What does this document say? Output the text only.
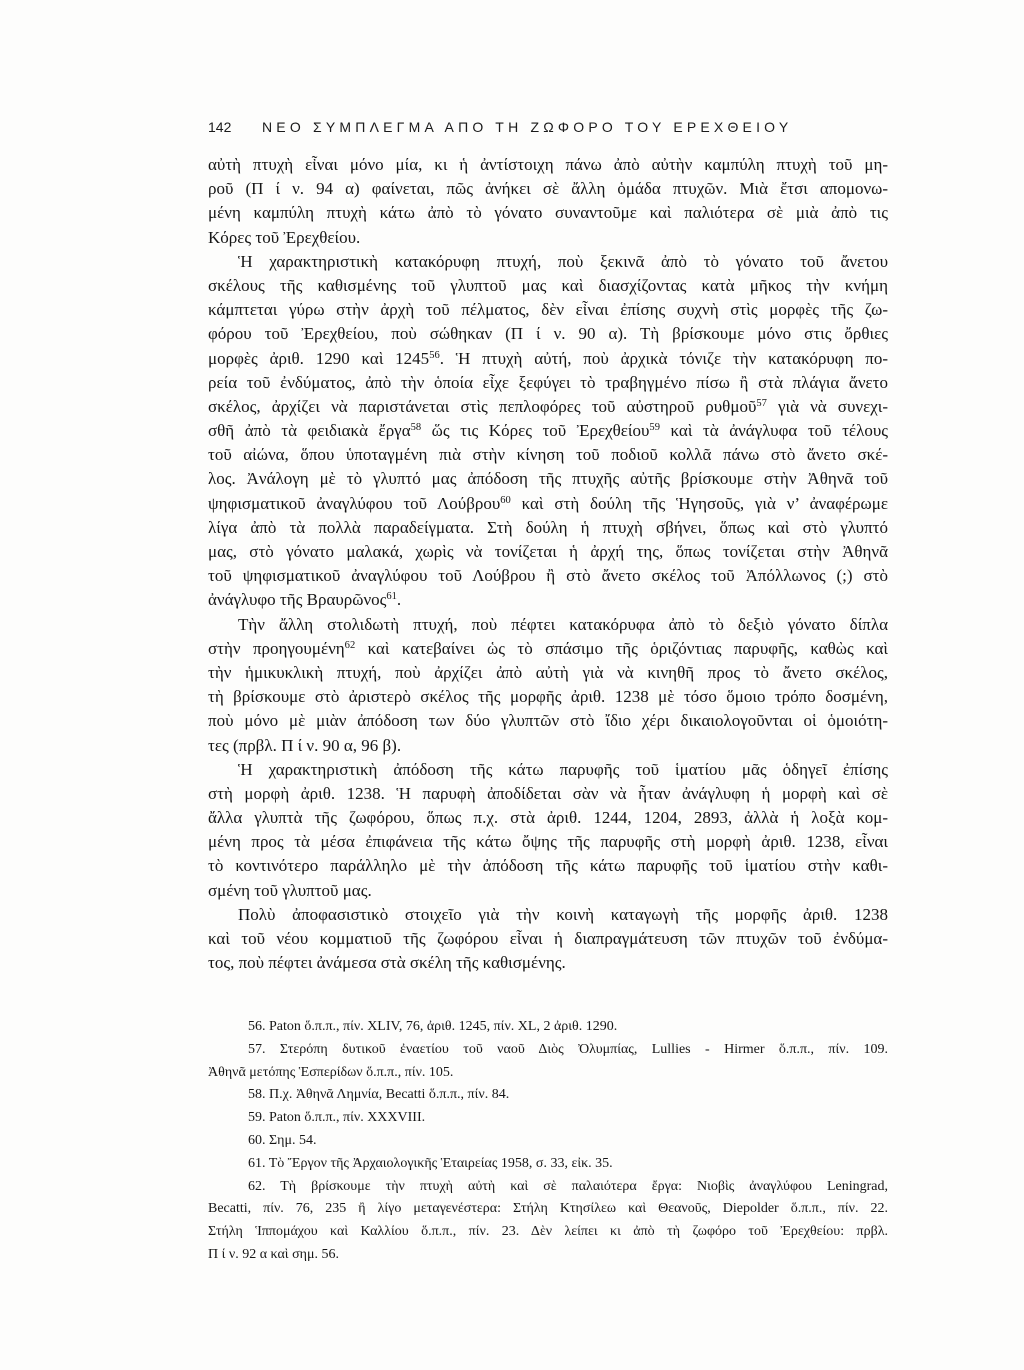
142 ΝΕΟ ΣΥΜΠΛΕΓΜΑ ΑΠΟ ΤΗ ΖΩΦΟΡΟ ΤΟΥ ΕΡΕΧΘΕΙΟΥ
αὐτὴ πτυχὴ εἶναι μόνο μία, κι ἡ ἀντίστοιχη πάνω ἀπὸ αὐτὴν καμπύλη πτυχὴ τοῦ μη-
ροῦ (Π ί ν. 94 α) φαίνεται, πῶς ἀνήκει σὲ ἄλλη ὁμάδα πτυχῶν. Μιὰ ἔτσι απομονω-
μένη καμπύλη πτυχὴ κάτω ἀπὸ τὸ γόνατο συναντοῦμε καὶ παλιότερα σὲ μιὰ ἀπὸ τις
Κόρες τοῦ Ἐρεχθείου.
Ἡ χαρακτηριστικὴ κατακόρυφη πτυχή, ποὺ ξεκινᾶ ἀπὸ τὸ γόνατο τοῦ ἄνετου
σκέλους τῆς καθισμένης τοῦ γλυπτοῦ μας καὶ διασχίζοντας κατὰ μῆκος τὴν κνήμη
κάμπτεται γύρω στὴν ἀρχὴ τοῦ πέλματος, δὲν εἶναι ἐπίσης συχνὴ στὶς μορφὲς τῆς ζω-
φόρου τοῦ Ἐρεχθείου, ποὺ σώθηκαν (Π ί ν. 90 α). Τὴ βρίσκουμε μόνο στις ὄρθιες
μορφὲς ἀριθ. 1290 καὶ 1245$^{56}$. Ἡ πτυχὴ αὐτή, ποὺ ἀρχικὰ τόνιζε τὴν κατακόρυφη πο-
ρεία τοῦ ἐνδύματος, ἀπὸ τὴν ὁποία εἶχε ξεφύγει τὸ τραβηγμένο πίσω ἢ στὰ πλάγια ἄνετο
σκέλος, ἀρχίζει νὰ παριστάνεται στὶς πεπλοφόρες τοῦ αὐστηροῦ ρυθμοῦ$^{57}$ γιὰ νὰ συνεχι-
σθῆ ἀπὸ τὰ φειδιακὰ ἔργα$^{58}$ ὥς τις Κόρες τοῦ Ἐρεχθείου$^{59}$ καὶ τὰ ἀνάγλυφα τοῦ τέλους
τοῦ αἰώνα, ὅπου ὑποταγμένη πιὰ στὴν κίνηση τοῦ ποδιοῦ κολλᾶ πάνω στὸ ἄνετο σκέ-
λος. Ἀνάλογη μὲ τὸ γλυπτό μας ἀπόδοση τῆς πτυχῆς αὐτῆς βρίσκουμε στὴν Ἀθηνᾶ τοῦ
ψηφισματικοῦ ἀναγλύφου τοῦ Λούβρου$^{60}$ καὶ στὴ δούλη τῆς Ἡγησοῦς, γιὰ ν’ ἀναφέρωμε
λίγα ἀπὸ τὰ πολλὰ παραδείγματα. Στὴ δούλη ἡ πτυχὴ σβήνει, ὅπως καὶ στὸ γλυπτό
μας, στὸ γόνατο μαλακά, χωρὶς νὰ τονίζεται ἡ ἀρχή της, ὅπως τονίζεται στὴν Ἀθηνᾶ
τοῦ ψηφισματικοῦ ἀναγλύφου τοῦ Λούβρου ἢ στὸ ἄνετο σκέλος τοῦ Ἀπόλλωνος (;) στὸ
ἀνάγλυφο τῆς Βραυρῶνος$^{61}$.
Τὴν ἄλλη στολιδωτὴ πτυχή, ποὺ πέφτει κατακόρυφα ἀπὸ τὸ δεξιὸ γόνατο δίπλα
στὴν προηγουμένη$^{62}$ καὶ κατεβαίνει ὡς τὸ σπάσιμο τῆς ὁριζόντιας παρυφῆς, καθὼς καὶ
τὴν ἡμικυκλικὴ πτυχή, ποὺ ἀρχίζει ἀπὸ αὐτὴ γιὰ νὰ κινηθῆ προς τὸ ἄνετο σκέλος,
τὴ βρίσκουμε στὸ ἀριστερὸ σκέλος τῆς μορφῆς ἀριθ. 1238 μὲ τόσο ὅμοιο τρόπο δοσμένη,
ποὺ μόνο μὲ μιὰν ἀπόδοση των δύο γλυπτῶν στὸ ἴδιο χέρι δικαιολογοῦνται οἱ ὁμοιότη-
τες (πρβλ. Π ί ν. 90 α, 96 β).
Ἡ χαρακτηριστικὴ ἀπόδοση τῆς κάτω παρυφῆς τοῦ ἱματίου μᾶς ὁδηγεῖ ἐπίσης
στὴ μορφὴ ἀριθ. 1238. Ἡ παρυφὴ ἀποδίδεται σὰν νὰ ἦταν ἀνάγλυφη ἡ μορφὴ καὶ σὲ
ἄλλα γλυπτὰ τῆς ζωφόρου, ὅπως π.χ. στὰ ἀριθ. 1244, 1204, 2893, ἀλλὰ ἡ λοξὰ κομ-
μένη προς τὰ μέσα ἐπιφάνεια τῆς κάτω ὄψης τῆς παρυφῆς στὴ μορφὴ ἀριθ. 1238, εἶναι
τὸ κοντινότερο παράλληλο μὲ τὴν ἀπόδοση τῆς κάτω παρυφῆς τοῦ ἱματίου στὴν καθι-
σμένη τοῦ γλυπτοῦ μας.
Πολὺ ἀποφασιστικὸ στοιχεῖο γιὰ τὴν κοινὴ καταγωγὴ τῆς μορφῆς ἀριθ. 1238
καὶ τοῦ νέου κομματιοῦ τῆς ζωφόρου εἶναι ἡ διαπραγμάτευση τῶν πτυχῶν τοῦ ἐνδύμα-
τος, ποὺ πέφτει ἀνάμεσα στὰ σκέλη τῆς καθισμένης.
56. Paton ὅ.π.π., πίν. XLIV, 76, ἀριθ. 1245, πίν. XL, 2 ἀριθ. 1290.
57. Στερόπη δυτικοῦ ἐναετίου τοῦ ναοῦ Διὸς Ὀλυμπίας, Lullies - Hirmer ὅ.π.π., πίν. 109.
Ἀθηνᾶ μετόπης Ἑσπερίδων ὅ.π.π., πίν. 105.
58. Π.χ. Ἀθηνᾶ Λημνία, Becatti ὅ.π.π., πίν. 84.
59. Paton ὅ.π.π., πίν. XXXVIII.
60. Σημ. 54.
61. Τὸ Ἔργον τῆς Ἀρχαιολογικῆς Ἑταιρείας 1958, σ. 33, εἰκ. 35.
62. Τὴ βρίσκουμε τὴν πτυχὴ αὐτὴ καὶ σὲ παλαιότερα ἔργα: Νιοβὶς ἀναγλύφου Leningrad,
Becatti, πίν. 76, 235 ἢ λίγο μεταγενέστερα: Στήλη Κτησίλεω καὶ Θεανοῦς, Diepolder ὅ.π.π., πίν. 22.
Στήλη Ἱππομάχου καὶ Καλλίου ὅ.π.π., πίν. 23. Δὲν λείπει κι ἀπὸ τὴ ζωφόρο τοῦ Ἐρεχθείου: πρβλ.
Π ί ν. 92 α καὶ σημ. 56.
